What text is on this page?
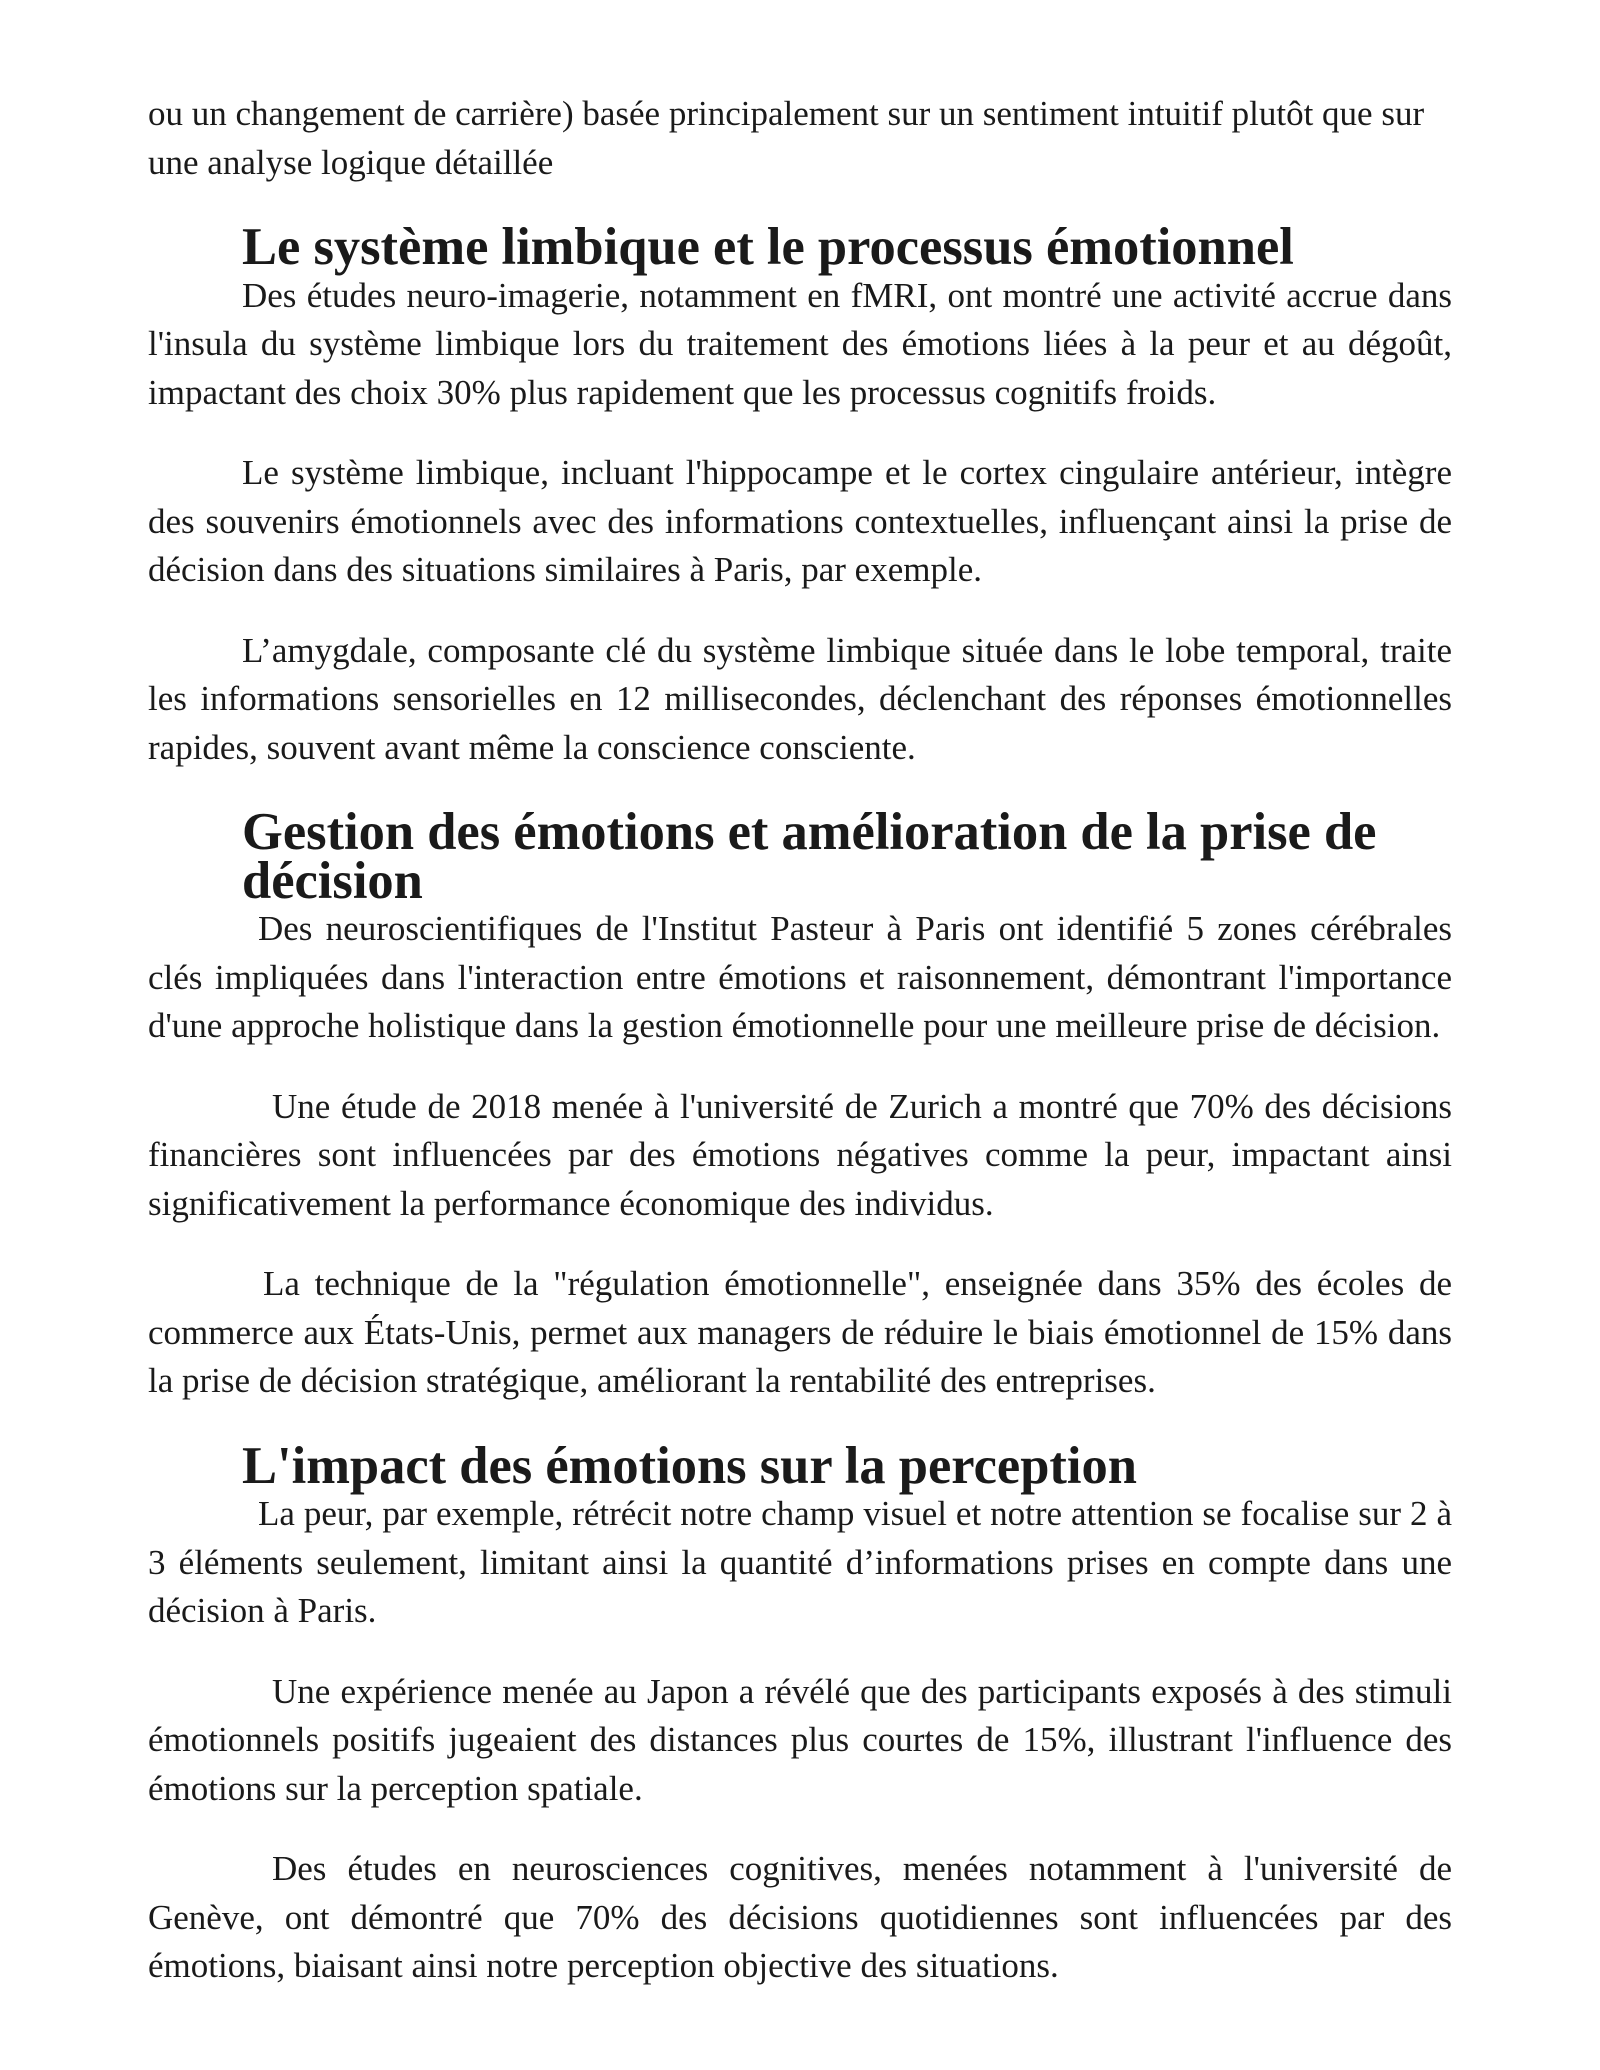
ou un changement de carrière) basée principalement sur un sentiment intuitif plutôt que sur une analyse logique détaillée

Le système limbique et le processus émotionnel

Des études neuro-imagerie, notamment en fMRI, ont montré une activité accrue dans l'insula du système limbique lors du traitement des émotions liées à la peur et au dégoût, impactant des choix 30% plus rapidement que les processus cognitifs froids.

Le système limbique, incluant l'hippocampe et le cortex cingulaire antérieur, intègre des souvenirs émotionnels avec des informations contextuelles, influençant ainsi la prise de décision dans des situations similaires à Paris, par exemple.

L’amygdale, composante clé du système limbique située dans le lobe temporal, traite les informations sensorielles en 12 millisecondes, déclenchant des réponses émotionnelles rapides, souvent avant même la conscience consciente.

Gestion des émotions et amélioration de la prise de décision

Des neuroscientifiques de l'Institut Pasteur à Paris ont identifié 5 zones cérébrales clés impliquées dans l'interaction entre émotions et raisonnement, démontrant l'importance d'une approche holistique dans la gestion émotionnelle pour une meilleure prise de décision.

Une étude de 2018 menée à l'université de Zurich a montré que 70% des décisions financières sont influencées par des émotions négatives comme la peur, impactant ainsi significativement la performance économique des individus.

La technique de la "régulation émotionnelle", enseignée dans 35% des écoles de commerce aux États-Unis, permet aux managers de réduire le biais émotionnel de 15% dans la prise de décision stratégique, améliorant la rentabilité des entreprises.

L'impact des émotions sur la perception

La peur, par exemple, rétrécit notre champ visuel et notre attention se focalise sur 2 à 3 éléments seulement, limitant ainsi la quantité d’informations prises en compte dans une décision à Paris.

Une expérience menée au Japon a révélé que des participants exposés à des stimuli émotionnels positifs jugeaient des distances plus courtes de 15%, illustrant l'influence des émotions sur la perception spatiale.

Des études en neurosciences cognitives, menées notamment à l'université de Genève, ont démontré que 70% des décisions quotidiennes sont influencées par des émotions, biaisant ainsi notre perception objective des situations.
